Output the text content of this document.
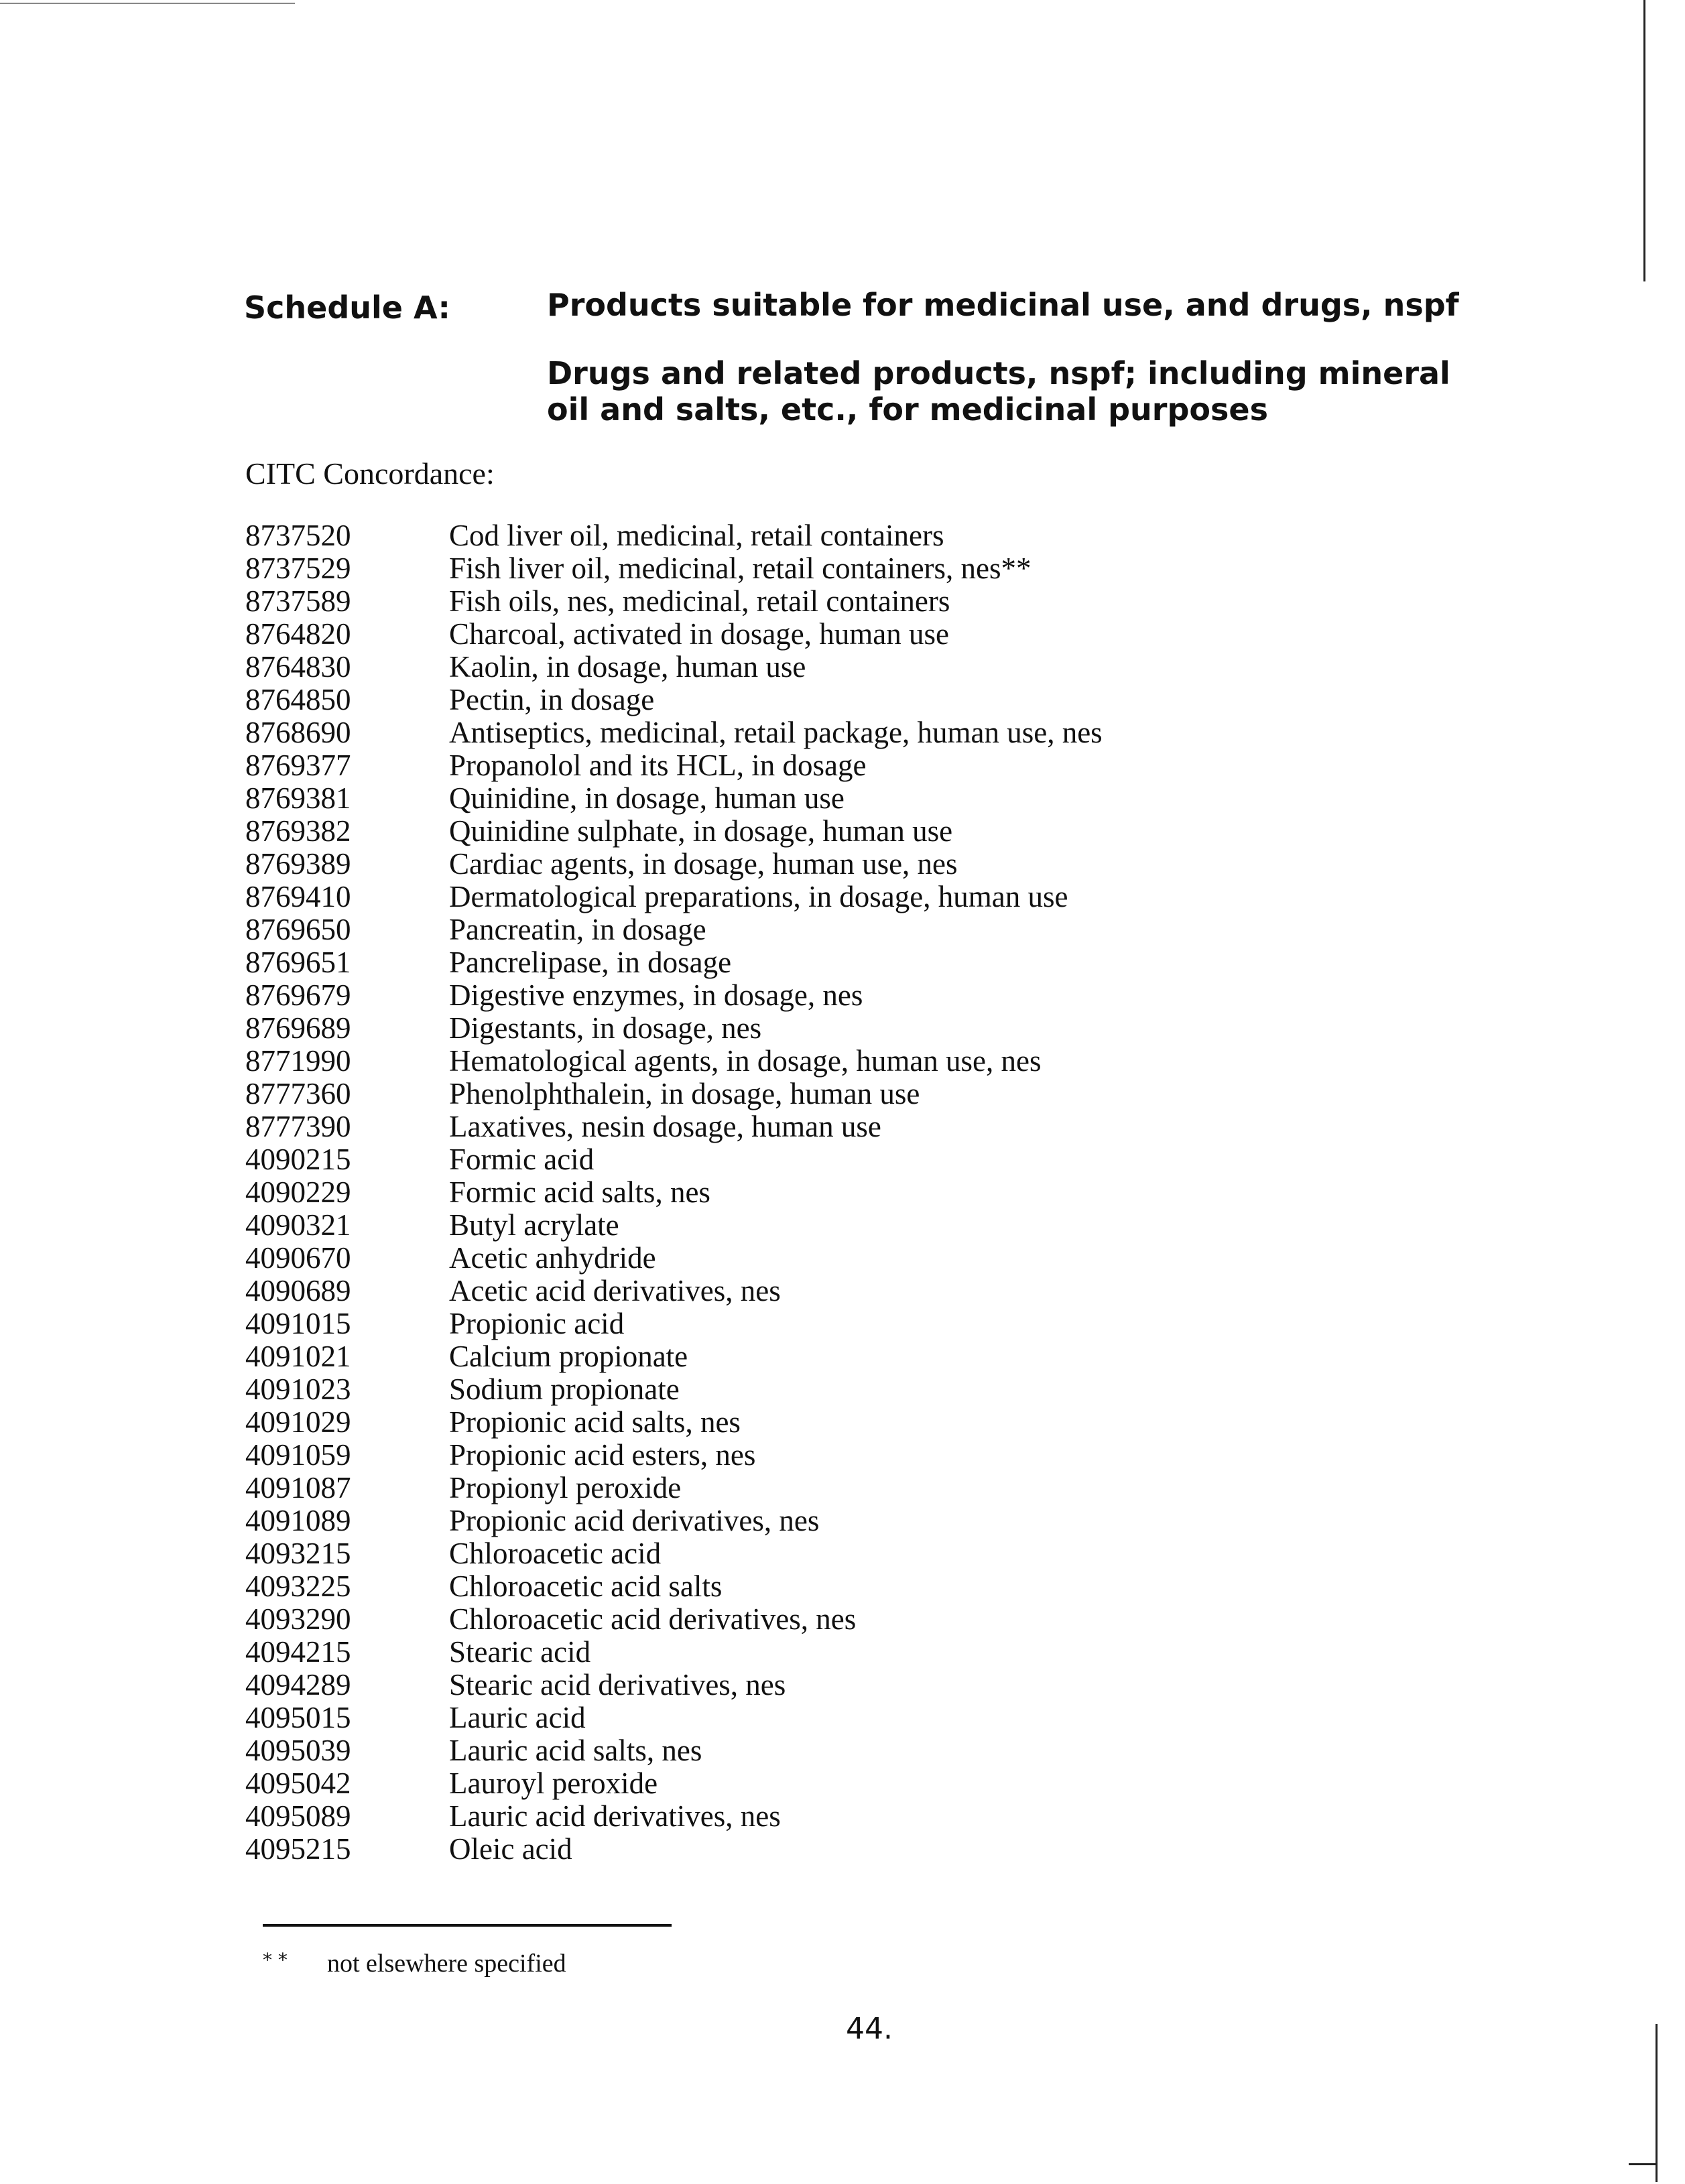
Schedule A:	Products suitable for medicinal use, and drugs, nspf
Drugs and related products, nspf; including mineral oil and salts, etc., for medicinal purposes
CITC Concordance:
8737520	Cod liver oil, medicinal, retail containers
8737529	Fish liver oil, medicinal, retail containers, nes**
8737589	Fish oils, nes, medicinal, retail containers
8764820	Charcoal, activated in dosage, human use
8764830	Kaolin, in dosage, human use
8764850	Pectin, in dosage
8768690	Antiseptics, medicinal, retail package, human use, nes
8769377	Propanolol and its HCL, in dosage
8769381	Quinidine, in dosage, human use
8769382	Quinidine sulphate, in dosage, human use
8769389	Cardiac agents, in dosage, human use, nes
8769410	Dermatological preparations, in dosage, human use
8769650	Pancreatin, in dosage
8769651	Pancrelipase, in dosage
8769679	Digestive enzymes, in dosage, nes
8769689	Digestants, in dosage, nes
8771990	Hematological agents, in dosage, human use, nes
8777360	Phenolphthalein, in dosage, human use
8777390	Laxatives, nesin dosage, human use
4090215	Formic acid
4090229	Formic acid salts, nes
4090321	Butyl acrylate
4090670	Acetic anhydride
4090689	Acetic acid derivatives, nes
4091015	Propionic acid
4091021	Calcium propionate
4091023	Sodium propionate
4091029	Propionic acid salts, nes
4091059	Propionic acid esters, nes
4091087	Propionyl peroxide
4091089	Propionic acid derivatives, nes
4093215	Chloroacetic acid
4093225	Chloroacetic acid salts
4093290	Chloroacetic acid derivatives, nes
4094215	Stearic acid
4094289	Stearic acid derivatives, nes
4095015	Lauric acid
4095039	Lauric acid salts, nes
4095042	Lauroyl peroxide
4095089	Lauric acid derivatives, nes
4095215	Oleic acid
* * not elsewhere specified
44.
